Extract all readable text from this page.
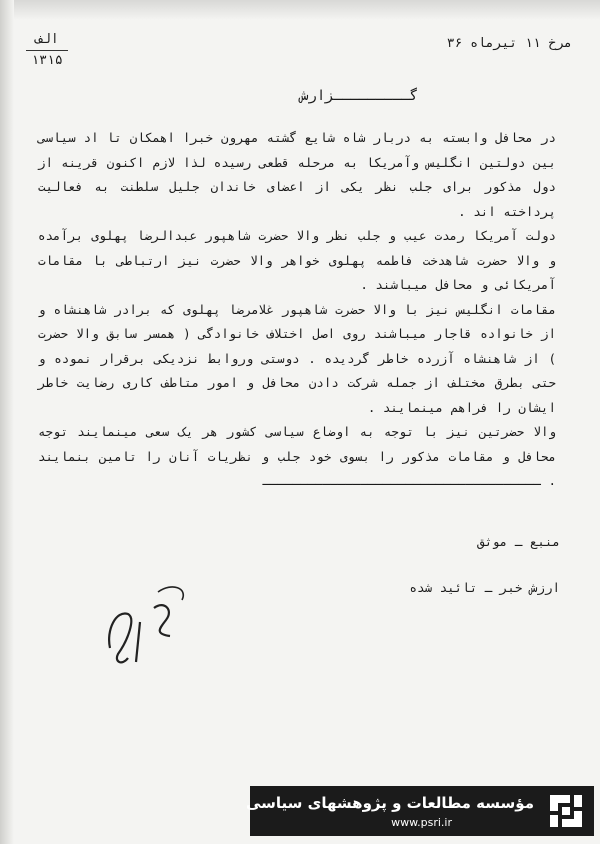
الف
۱۳۱۵
مرخ ۱۱ تیرماه ۳۶
گـــــــــزارش

در محافل وابسته به دربار شاه شایع گشته مهرون خبرا اهمکان تا اد سیاسی بین دولتین انگلیس وآمریکا به مرحله قطعی رسیده لذا لازم اکنون قرینه از دول مذکور برای جلب نظر یکی از اعضای خاندان جلیل سلطنت به فعالیت پرداخته اند .

دولت آمریکا رمدت عیب و جلب نظر والا حضرت شاهپور عبدالرضا پهلوی برآمده و والا حضرت شاهدخت فاطمه پهلوی خواهر والا حضرت نیز ارتباطی با مقامات آمریکائی و محافل میباشند .

مقامات انگلیس نیز با والا حضرت شاهپور غلامرضا پهلوی که برادر شاهنشاه و از خانواده قاجار میباشند روی اصل اختلاف خانوادگی ( همسر سابق والا حضرت ) از شاهنشاه آزرده خاطر گردیده . دوستی وروابط نزدیکی برقرار نموده و حتی بطرق مختلف از جمله شرکت دادن محافل و امور متاطف کاری رضایت خاطر ایشان را فراهم مینمایند .

والا حضرتین نیز با توجه به اوضاع سیاسی کشور هر یک سعی مینمایند توجه محافل و مقامات مذکور را بسوی خود جلب و نظریات آنان را تامین بنمایند . ـــــــــــــــــــــــــــــــــــــ

منبع ـ موثق
ارزش خبر ـ تائید شده
مؤسسه مطالعات و پژوهشهای سیاسی
www.psri.ir
